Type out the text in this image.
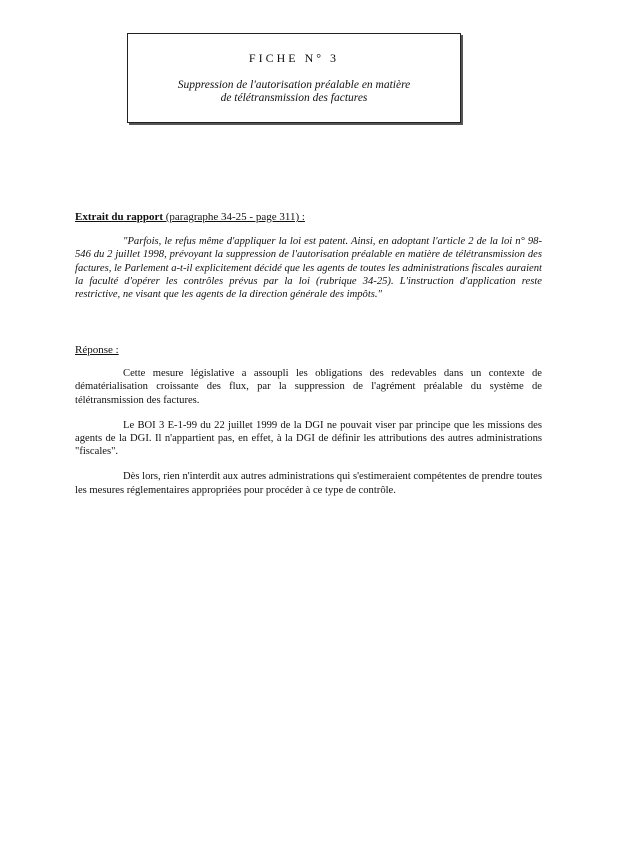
FICHE N° 3
Suppression de l'autorisation préalable en matière
de télétransmission des factures
Extrait du rapport (paragraphe 34-25 - page 311) :

"Parfois, le refus même d'appliquer la loi est patent. Ainsi, en adoptant l'article 2 de la loi n° 98-546 du 2 juillet 1998, prévoyant la suppression de l'autorisation préalable en matière de télétransmission des factures, le Parlement a-t-il explicitement décidé que les agents de toutes les administrations fiscales auraient la faculté d'opérer les contrôles prévus par la loi (rubrique 34-25). L'instruction d'application reste restrictive, ne visant que les agents de la direction générale des impôts."

Réponse :

Cette mesure législative a assoupli les obligations des redevables dans un contexte de dématérialisation croissante des flux, par la suppression de l'agrément préalable du système de télétransmission des factures.

Le BOI 3 E-1-99 du 22 juillet 1999 de la DGI ne pouvait viser par principe que les missions des agents de la DGI. Il n'appartient pas, en effet, à la DGI de définir les attributions des autres administrations "fiscales".

Dès lors, rien n'interdit aux autres administrations qui s'estimeraient compétentes de prendre toutes les mesures réglementaires appropriées pour procéder à ce type de contrôle.
